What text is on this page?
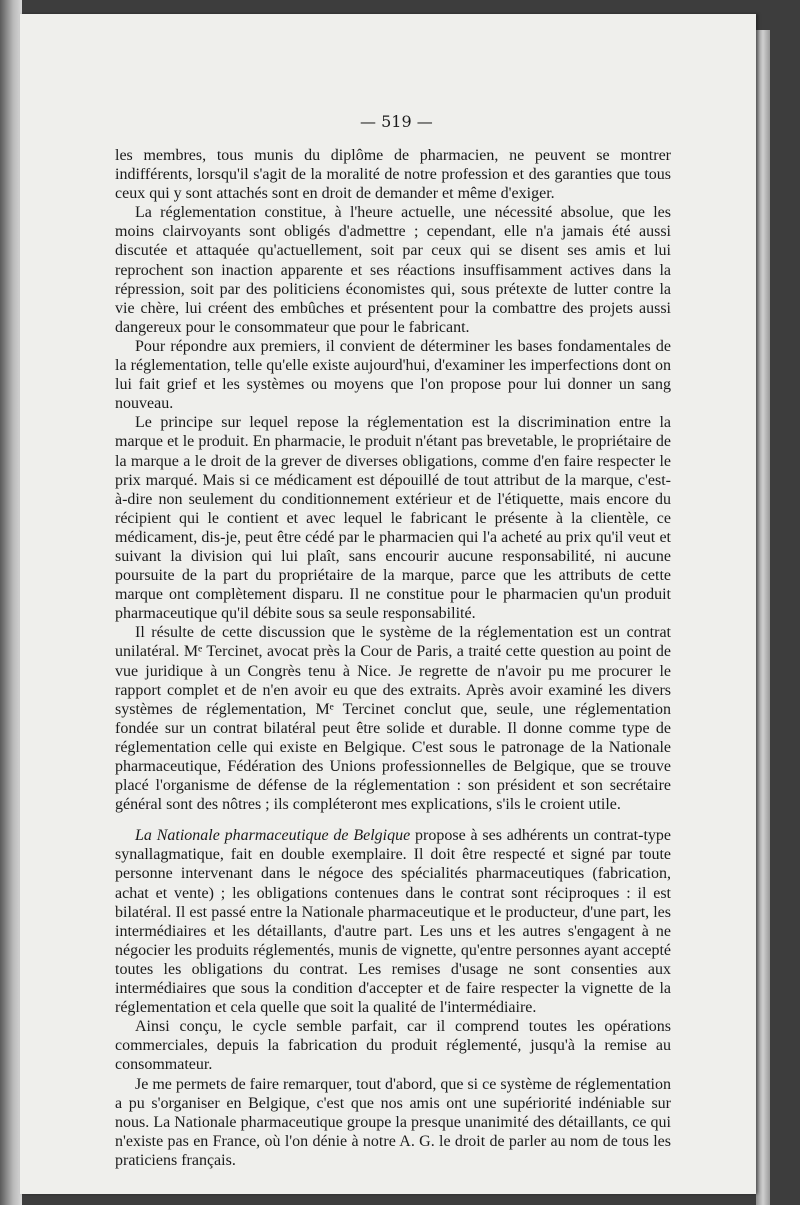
— 519 —

les membres, tous munis du diplôme de pharmacien, ne peuvent se montrer indifférents, lorsqu'il s'agit de la moralité de notre profession et des garanties que tous ceux qui y sont attachés sont en droit de demander et même d'exiger.

La réglementation constitue, à l'heure actuelle, une nécessité absolue, que les moins clairvoyants sont obligés d'admettre ; cependant, elle n'a jamais été aussi discutée et attaquée qu'actuellement, soit par ceux qui se disent ses amis et lui reprochent son inaction apparente et ses réactions insuffisamment actives dans la répression, soit par des politiciens économistes qui, sous prétexte de lutter contre la vie chère, lui créent des embûches et présentent pour la combattre des projets aussi dangereux pour le consommateur que pour le fabricant.

Pour répondre aux premiers, il convient de déterminer les bases fondamentales de la réglementation, telle qu'elle existe aujourd'hui, d'examiner les imperfections dont on lui fait grief et les systèmes ou moyens que l'on propose pour lui donner un sang nouveau.

Le principe sur lequel repose la réglementation est la discrimination entre la marque et le produit. En pharmacie, le produit n'étant pas brevetable, le propriétaire de la marque a le droit de la grever de diverses obligations, comme d'en faire respecter le prix marqué. Mais si ce médicament est dépouillé de tout attribut de la marque, c'est-à-dire non seulement du conditionnement extérieur et de l'étiquette, mais encore du récipient qui le contient et avec lequel le fabricant le présente à la clientèle, ce médicament, dis-je, peut être cédé par le pharmacien qui l'a acheté au prix qu'il veut et suivant la division qui lui plaît, sans encourir aucune responsabilité, ni aucune poursuite de la part du propriétaire de la marque, parce que les attributs de cette marque ont complètement disparu. Il ne constitue pour le pharmacien qu'un produit pharmaceutique qu'il débite sous sa seule responsabilité.

Il résulte de cette discussion que le système de la réglementation est un contrat unilatéral. Mᵉ Tercinet, avocat près la Cour de Paris, a traité cette question au point de vue juridique à un Congrès tenu à Nice. Je regrette de n'avoir pu me procurer le rapport complet et de n'en avoir eu que des extraits. Après avoir examiné les divers systèmes de réglementation, Mᵉ Tercinet conclut que, seule, une réglementation fondée sur un contrat bilatéral peut être solide et durable. Il donne comme type de réglementation celle qui existe en Belgique. C'est sous le patronage de la Nationale pharmaceutique, Fédération des Unions professionnelles de Belgique, que se trouve placé l'organisme de défense de la réglementation : son président et son secrétaire général sont des nôtres ; ils compléteront mes explications, s'ils le croient utile.

La Nationale pharmaceutique de Belgique propose à ses adhérents un contrat-type synallagmatique, fait en double exemplaire. Il doit être respecté et signé par toute personne intervenant dans le négoce des spécialités pharmaceutiques (fabrication, achat et vente) ; les obligations contenues dans le contrat sont réciproques : il est bilatéral. Il est passé entre la Nationale pharmaceutique et le producteur, d'une part, les intermédiaires et les détaillants, d'autre part. Les uns et les autres s'engagent à ne négocier les produits réglementés, munis de vignette, qu'entre personnes ayant accepté toutes les obligations du contrat. Les remises d'usage ne sont consenties aux intermédiaires que sous la condition d'accepter et de faire respecter la vignette de la réglementation et cela quelle que soit la qualité de l'intermédiaire.

Ainsi conçu, le cycle semble parfait, car il comprend toutes les opérations commerciales, depuis la fabrication du produit réglementé, jusqu'à la remise au consommateur.

Je me permets de faire remarquer, tout d'abord, que si ce système de réglementation a pu s'organiser en Belgique, c'est que nos amis ont une supériorité indéniable sur nous. La Nationale pharmaceutique groupe la presque unanimité des détaillants, ce qui n'existe pas en France, où l'on dénie à notre A. G. le droit de parler au nom de tous les praticiens français.
